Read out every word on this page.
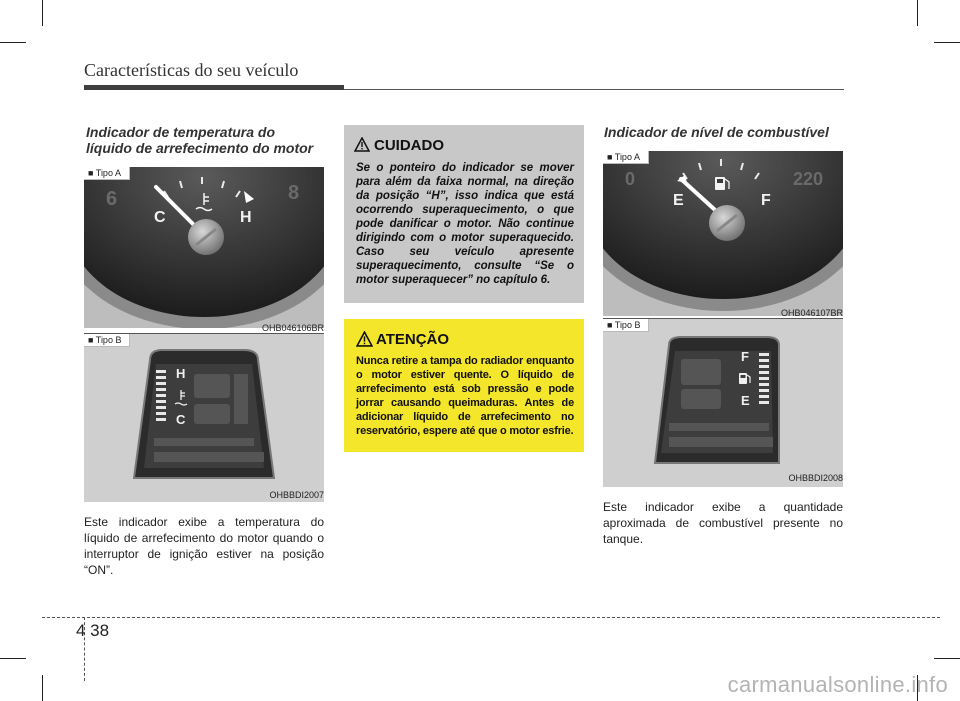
Características do seu veículo
Indicador de temperatura do
líquido de arrefecimento do motor
6	8
C	H
■ Tipo A
OHB046106BR
H
C
■ Tipo B
OHBBDI2007
Este indicador exibe a temperatura do líquido de arrefecimento do motor quando o interruptor de ignição estiver na posição “ON”.
CUIDADO
Se o ponteiro do indicador se mover para além da faixa normal, na direção da posição “H”, isso indica que está ocorrendo superaquecimento, o que pode danificar o motor. Não continue dirigindo com o motor superaquecido. Caso seu veículo apresente superaquecimento, consulte “Se o motor superaquecer” no capítulo 6.
ATENÇÃO
Nunca retire a tampa do radiador enquanto o motor estiver quente. O líquido de arrefecimento está sob pressão e pode jorrar causando queimaduras. Antes de adicionar líquido de arrefecimento no reservatório, espere até que o motor esfrie.
Indicador de nível de combustível
0	220
E	F
■ Tipo A
OHB046107BR
F
E
■ Tipo B
OHBBDI2008
Este indicador exibe a quantidade aproximada de combustível presente no tanque.
4 38
carmanualsonline.info
